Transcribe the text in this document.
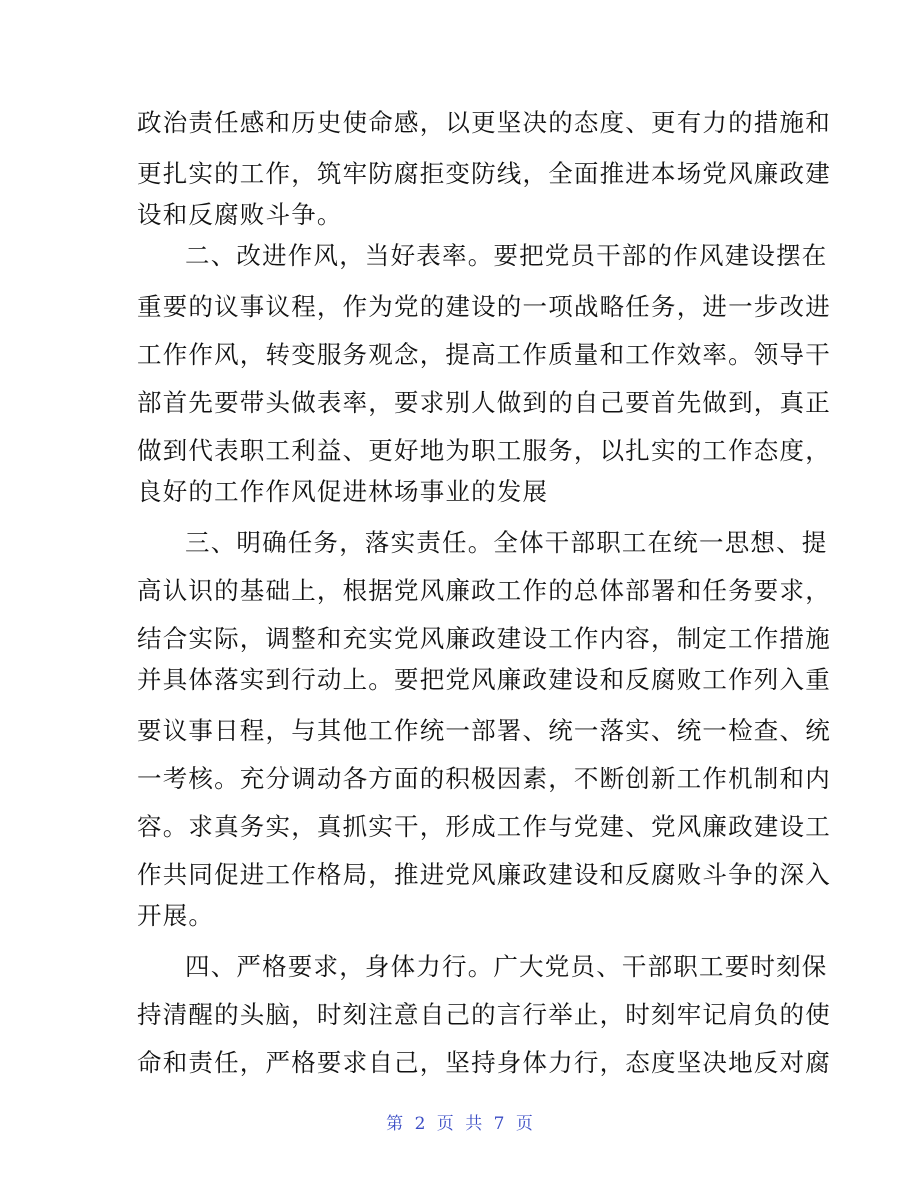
政治责任感和历史使命感，以更坚决的态度、更有力的措施和
更扎实的工作，筑牢防腐拒变防线，全面推进本场党风廉政建
设和反腐败斗争。
二、改进作风，当好表率。要把党员干部的作风建设摆在
重要的议事议程，作为党的建设的一项战略任务，进一步改进
工作作风，转变服务观念，提高工作质量和工作效率。领导干
部首先要带头做表率，要求别人做到的自己要首先做到，真正
做到代表职工利益、更好地为职工服务，以扎实的工作态度，
良好的工作作风促进林场事业的发展
三、明确任务，落实责任。全体干部职工在统一思想、提
高认识的基础上，根据党风廉政工作的总体部署和任务要求，
结合实际，调整和充实党风廉政建设工作内容，制定工作措施
并具体落实到行动上。要把党风廉政建设和反腐败工作列入重
要议事日程，与其他工作统一部署、统一落实、统一检查、统
一考核。充分调动各方面的积极因素，不断创新工作机制和内
容。求真务实，真抓实干，形成工作与党建、党风廉政建设工
作共同促进工作格局，推进党风廉政建设和反腐败斗争的深入
开展。
四、严格要求，身体力行。广大党员、干部职工要时刻保
持清醒的头脑，时刻注意自己的言行举止，时刻牢记肩负的使
命和责任，严格要求自己，坚持身体力行，态度坚决地反对腐
第 2 页 共 7 页
